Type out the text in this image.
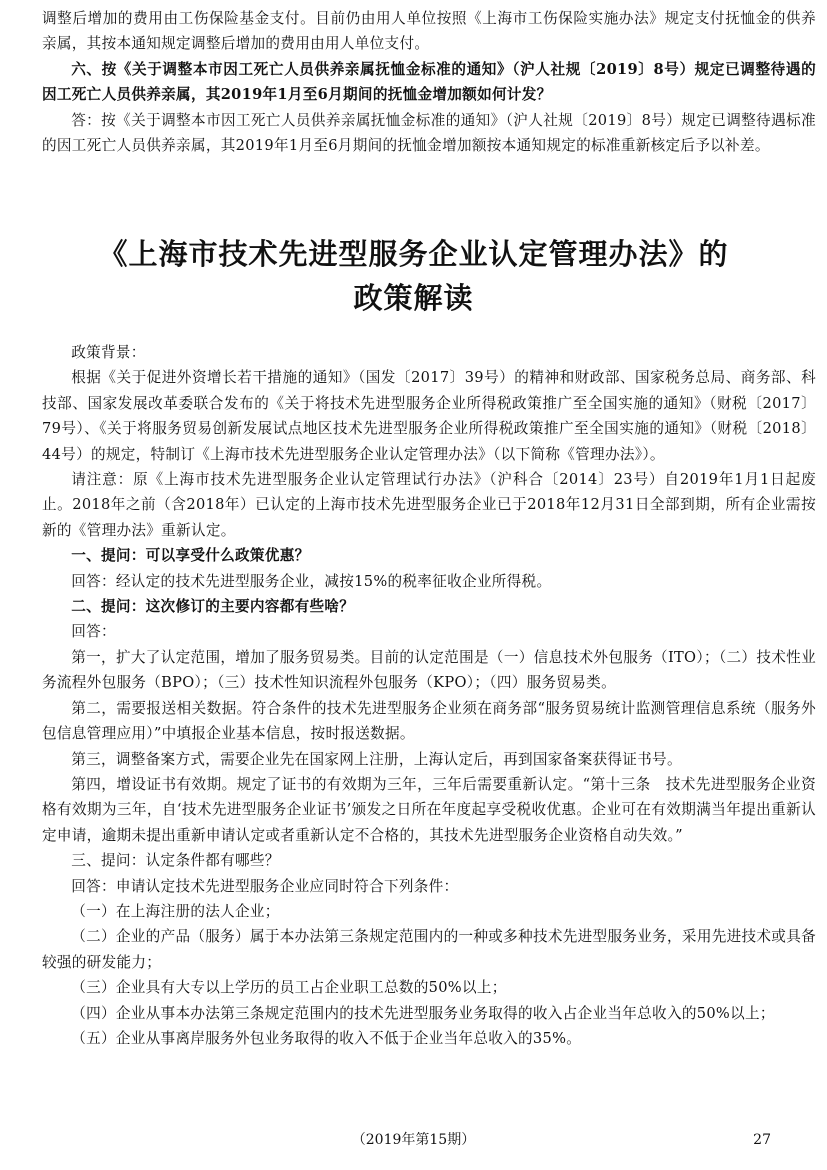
调整后增加的费用由工伤保险基金支付。目前仍由用人单位按照《上海市工伤保险实施办法》规定支付抚恤金的供养亲属，其按本通知规定调整后增加的费用由用人单位支付。

六、按《关于调整本市因工死亡人员供养亲属抚恤金标准的通知》（沪人社规〔2019〕8号）规定已调整待遇的因工死亡人员供养亲属，其2019年1月至6月期间的抚恤金增加额如何计发？

答：按《关于调整本市因工死亡人员供养亲属抚恤金标准的通知》（沪人社规〔2019〕8号）规定已调整待遇标准的因工死亡人员供养亲属，其2019年1月至6月期间的抚恤金增加额按本通知规定的标准重新核定后予以补差。

《上海市技术先进型服务企业认定管理办法》的
政策解读

政策背景：

根据《关于促进外资增长若干措施的通知》（国发〔2017〕39号）的精神和财政部、国家税务总局、商务部、科技部、国家发展改革委联合发布的《关于将技术先进型服务企业所得税政策推广至全国实施的通知》（财税〔2017〕79号）、《关于将服务贸易创新发展试点地区技术先进型服务企业所得税政策推广至全国实施的通知》（财税〔2018〕44号）的规定，特制订《上海市技术先进型服务企业认定管理办法》（以下简称《管理办法》）。

请注意：原《上海市技术先进型服务企业认定管理试行办法》（沪科合〔2014〕23号）自2019年1月1日起废止。2018年之前（含2018年）已认定的上海市技术先进型服务企业已于2018年12月31日全部到期，所有企业需按新的《管理办法》重新认定。

一、提问：可以享受什么政策优惠？

回答：经认定的技术先进型服务企业，减按15%的税率征收企业所得税。

二、提问：这次修订的主要内容都有些啥？

回答：

第一，扩大了认定范围，增加了服务贸易类。目前的认定范围是（一）信息技术外包服务（ITO）；（二）技术性业务流程外包服务（BPO）；（三）技术性知识流程外包服务（KPO）；（四）服务贸易类。

第二，需要报送相关数据。符合条件的技术先进型服务企业须在商务部“服务贸易统计监测管理信息系统（服务外包信息管理应用）”中填报企业基本信息，按时报送数据。

第三，调整备案方式，需要企业先在国家网上注册，上海认定后，再到国家备案获得证书号。

第四，增设证书有效期。规定了证书的有效期为三年，三年后需要重新认定。“第十三条　技术先进型服务企业资格有效期为三年，自‘技术先进型服务企业证书’颁发之日所在年度起享受税收优惠。企业可在有效期满当年提出重新认定申请，逾期未提出重新申请认定或者重新认定不合格的，其技术先进型服务企业资格自动失效。”

三、提问：认定条件都有哪些？

回答：申请认定技术先进型服务企业应同时符合下列条件：

（一）在上海注册的法人企业；

（二）企业的产品（服务）属于本办法第三条规定范围内的一种或多种技术先进型服务业务，采用先进技术或具备较强的研发能力；

（三）企业具有大专以上学历的员工占企业职工总数的50%以上；

（四）企业从事本办法第三条规定范围内的技术先进型服务业务取得的收入占企业当年总收入的50%以上；

（五）企业从事离岸服务外包业务取得的收入不低于企业当年总收入的35%。

（2019年第15期）	27
